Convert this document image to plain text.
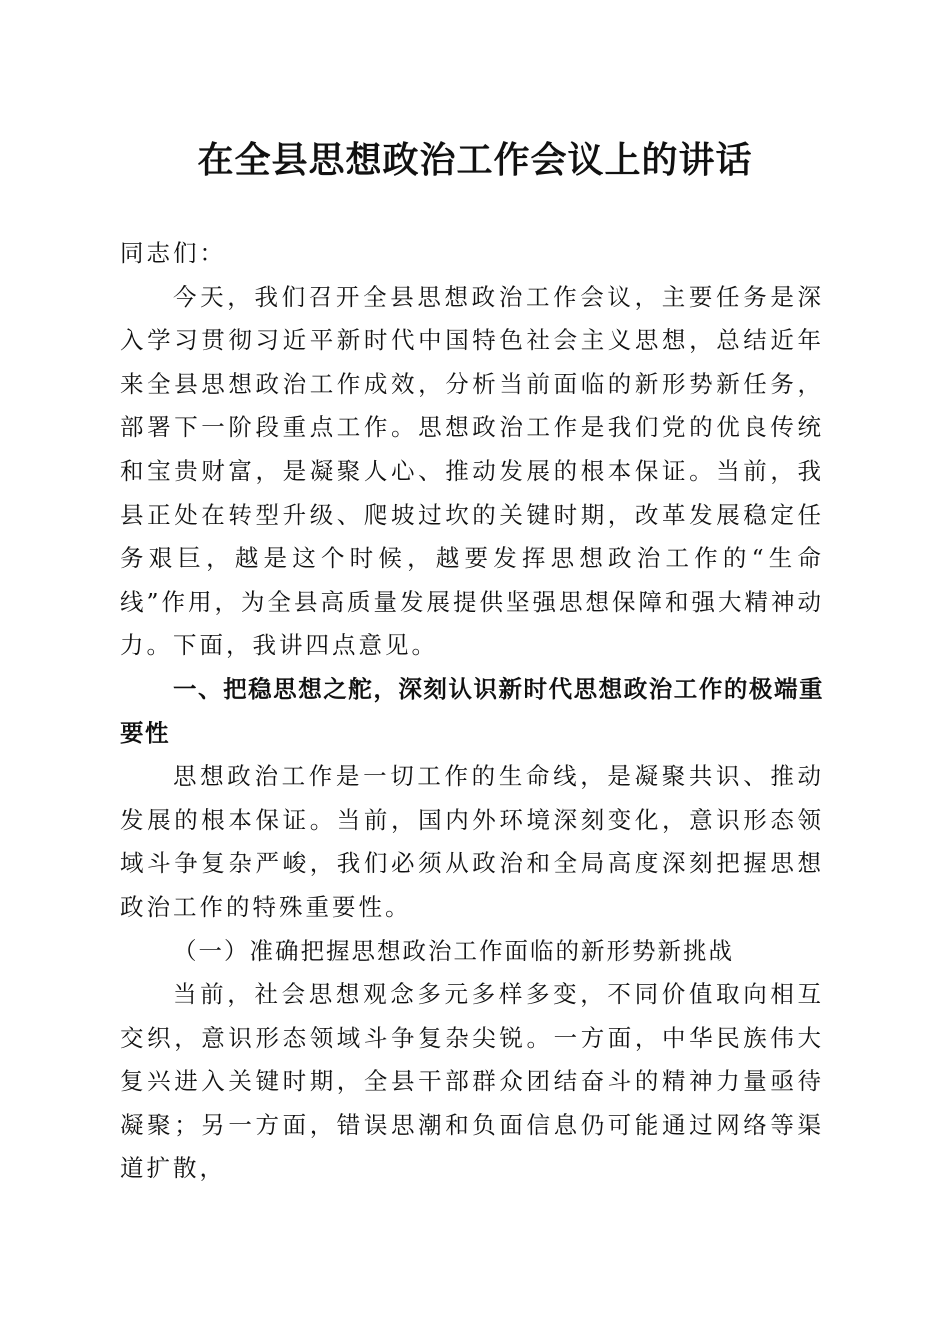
在全县思想政治工作会议上的讲话

同志们：

今天，我们召开全县思想政治工作会议，主要任务是深入学习贯彻习近平新时代中国特色社会主义思想，总结近年来全县思想政治工作成效，分析当前面临的新形势新任务，部署下一阶段重点工作。思想政治工作是我们党的优良传统和宝贵财富，是凝聚人心、推动发展的根本保证。当前，我县正处在转型升级、爬坡过坎的关键时期，改革发展稳定任务艰巨，越是这个时候，越要发挥思想政治工作的“生命线”作用，为全县高质量发展提供坚强思想保障和强大精神动力。下面，我讲四点意见。

一、把稳思想之舵，深刻认识新时代思想政治工作的极端重要性

思想政治工作是一切工作的生命线，是凝聚共识、推动发展的根本保证。当前，国内外环境深刻变化，意识形态领域斗争复杂严峻，我们必须从政治和全局高度深刻把握思想政治工作的特殊重要性。

（一）准确把握思想政治工作面临的新形势新挑战

当前，社会思想观念多元多样多变，不同价值取向相互交织，意识形态领域斗争复杂尖锐。一方面，中华民族伟大复兴进入关键时期，全县干部群众团结奋斗的精神力量亟待凝聚；另一方面，错误思潮和负面信息仍可能通过网络等渠道扩散，
